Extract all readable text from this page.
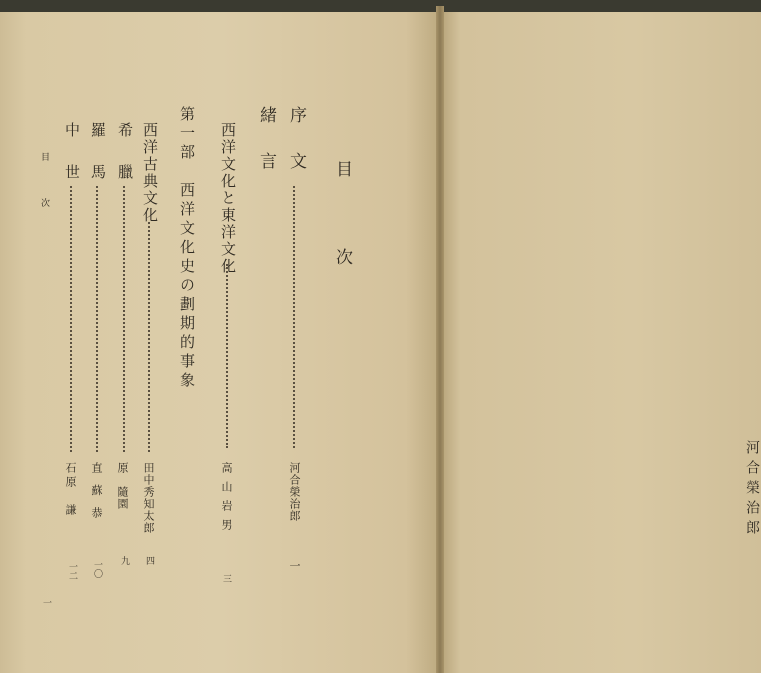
目
次
序　文
河合榮治郎
一
緒　言
西洋文化と東洋文化
高山岩男
三
第一部　西洋文化史の劃期的事象
西洋古典文化
田中秀知太郎
四
希　臘
原　隨園
九
羅　馬
直 蘇 恭
一〇
中　世
石原　謙
一二
目　次
一
河合榮治郎
